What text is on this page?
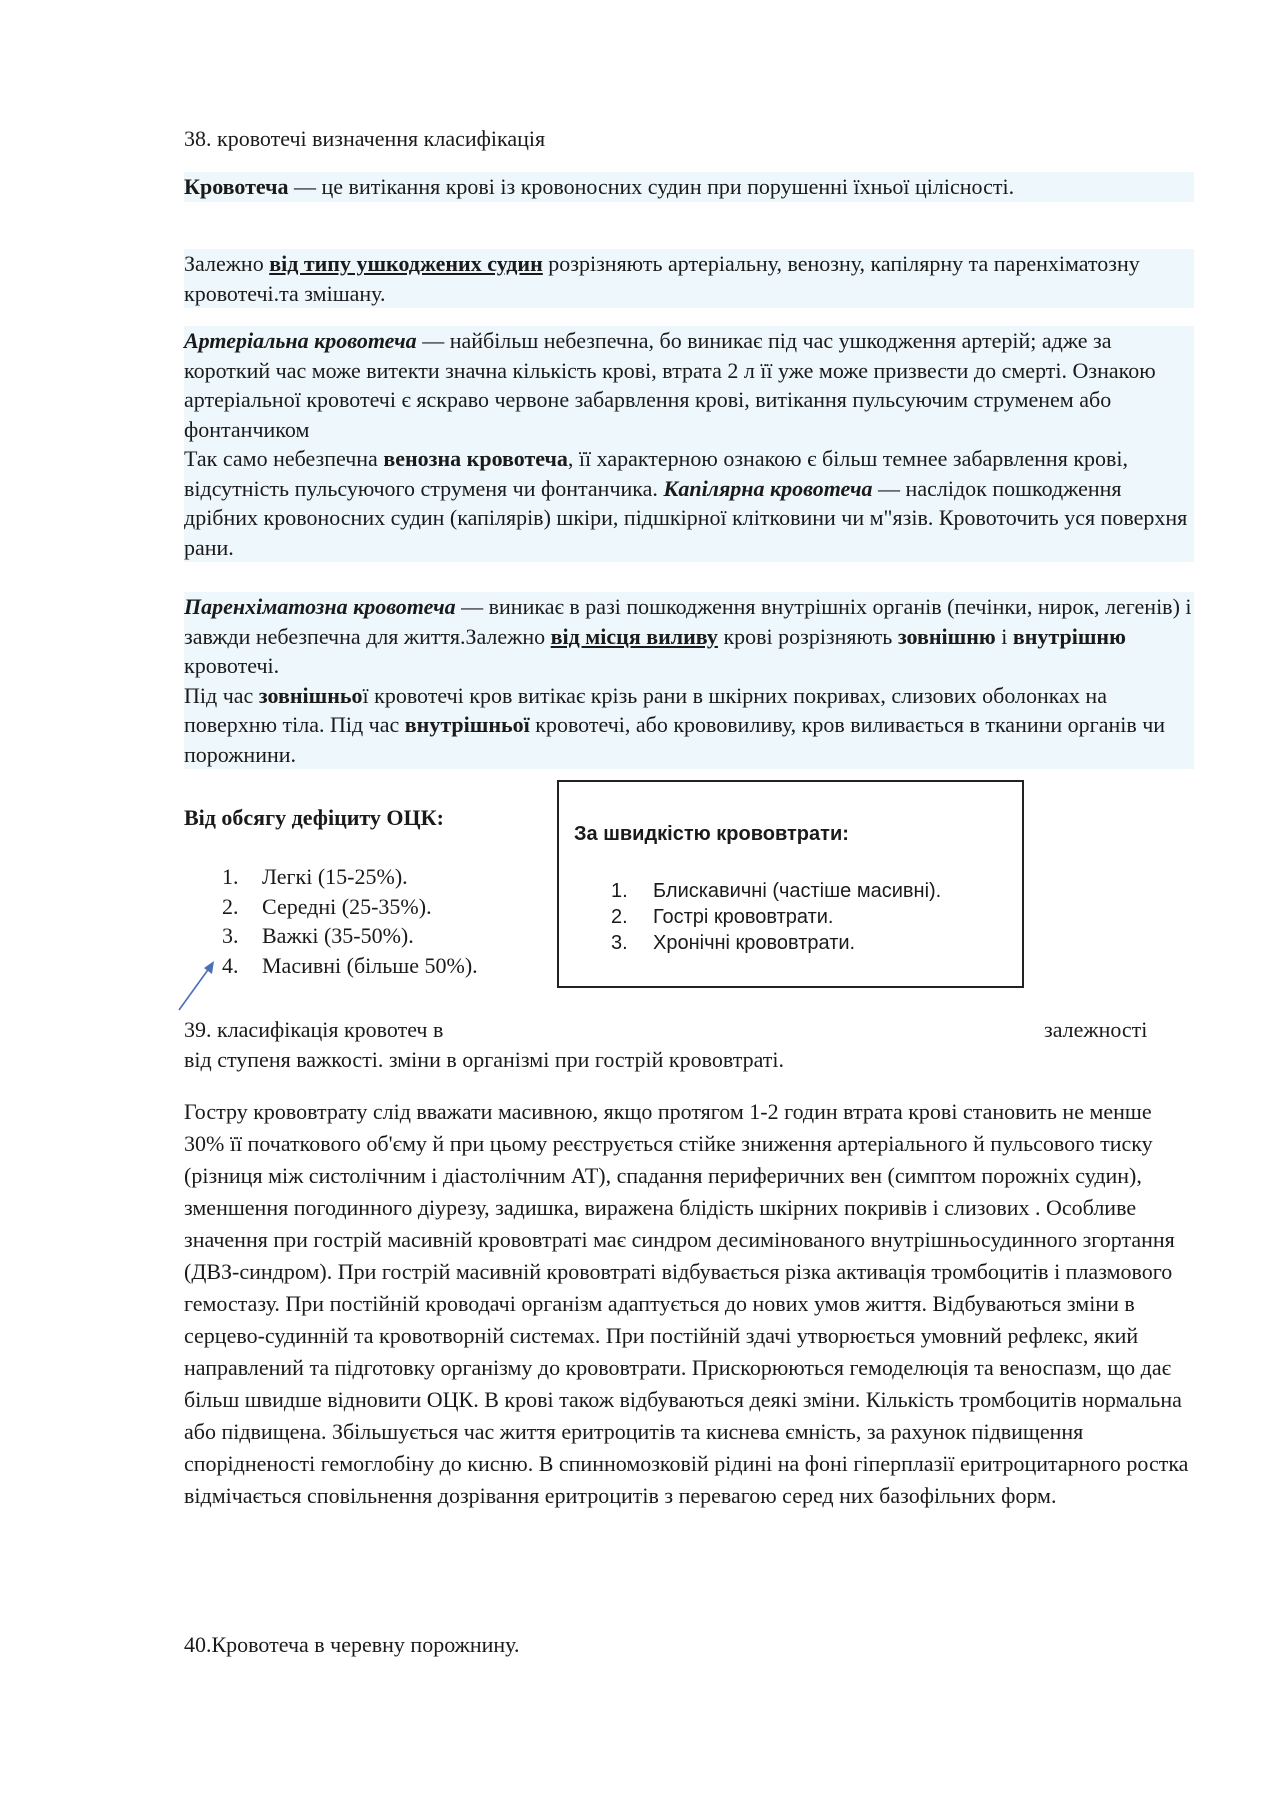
38. кровотечі визначення класифікація

Кровотеча — це витікання крові із кровоносних судин при порушенні їхньої цілісності.

Залежно від типу ушкоджених судин розрізняють артеріальну, венозну, капілярну та паренхіматозну кровотечі.та змішану.

Артеріальна кровотеча — найбільш небезпечна, бо виникає під час ушкодження артерій; адже за короткий час може витекти значна кількість крові, втрата 2 л її уже може призвести до смерті. Ознакою артеріальної кровотечі є яскраво червоне забарвлення крові, витікання пульсуючим струменем або фонтанчиком

Так само небезпечна венозна кровотеча, її характерною ознакою є більш темнее забарвлення крові, відсутність пульсуючого струменя чи фонтанчика. Капілярна кровотеча — наслідок пошкодження дрібних кровоносних судин (капілярів) шкіри, підшкірної клітковини чи м"язів. Кровоточить уся поверхня рани.

Паренхіматозна кровотеча — виникає в разі пошкодження внутрішніх органів (печінки, нирок, легенів) і завжди небезпечна для життя.Залежно від місця виливу крові розрізняють зовнішню і внутрішню кровотечі.

Під час зовнішньої кровотечі кров витікає крізь рани в шкірних покривах, слизових оболонках на поверхню тіла. Під час внутрішньої кровотечі, або крововиливу, кров виливається в тканини органів чи порожнини.

Від обсягу дефіциту ОЦК:

1. Легкі (15-25%).
2. Середні (25-35%).
3. Важкі (35-50%).
4. Масивні (більше 50%).
За швидкістю крововтрати:
1. Блискавичні (частіше масивні).
2. Гострі крововтрати.
3. Хронічні крововтрати.

39. класифікація кровотеч в	залежності

від ступеня важкості. зміни в організмі при гострій крововтраті.

Гостру крововтрату слід вважати масивною, якщо протягом 1-2 годин втрата крові становить не менше 30% її початкового об'єму й при цьому реєструється стійке зниження артеріального й пульсового тиску (різниця між систолічним і діастолічним АТ), спадання периферичних вен (симптом порожніх судин), зменшення погодинного діурезу, задишка, виражена блідість шкірних покривів і слизових . Особливе значення при гострій масивній крововтраті має синдром десимінованого внутрішньосудинного згортання (ДВЗ-синдром). При гострій масивній крововтраті відбувається різка активація тромбоцитів і плазмового гемостазу. При постійній кроводачі організм адаптується до нових умов життя. Відбуваються зміни в серцево-судинній та кровотворній системах. При постійній здачі утворюється умовний рефлекс, який направлений та підготовку організму до крововтрати. Прискорюються гемоделюція та веноспазм, що дає більш швидше відновити ОЦК. В крові також відбуваються деякі зміни. Кількість тромбоцитів нормальна або підвищена. Збільшується час життя еритроцитів та киснева ємність, за рахунок підвищення спорідненості гемоглобіну до кисню. В спинномозковій рідині на фоні гіперплазії еритроцитарного ростка відмічається сповільнення дозрівання еритроцитів з перевагою серед них базофільних форм.

40.Кровотеча в черевну порожнину.
